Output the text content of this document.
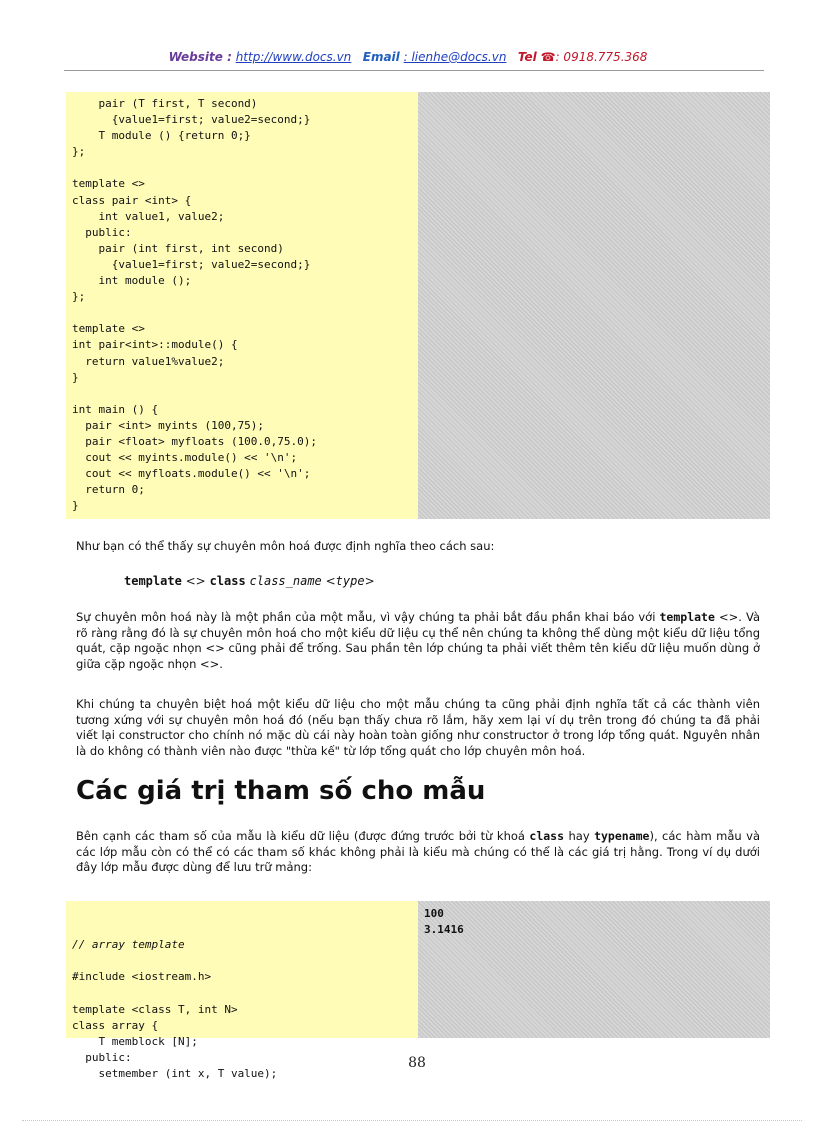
Website : http://www.docs.vn Email : lienhe@docs.vn Tel ☎: 0918.775.368
pair (T first, T second)
{value1=first; value2=second;}
T module () {return 0;}
};
template <>
class pair <int> {
int value1, value2;
public:
pair (int first, int second)
{value1=first; value2=second;}
int module ();
};
template <>
int pair<int>::module() {
return value1%value2;
}
int main () {
pair <int> myints (100,75);
pair <float> myfloats (100.0,75.0);
cout << myints.module() << '\n';
cout << myfloats.module() << '\n';
return 0;
}
Như bạn có thể thấy sự chuyên môn hoá được định nghĩa theo cách sau:
template <> class class_name <type>
Sự chuyên môn hoá này là một phần của một mẫu, vì vậy chúng ta phải bắt đầu phần khai báo với template <>. Và rõ ràng rằng đó là sự chuyên môn hoá cho một kiểu dữ liệu cụ thể nên chúng ta không thể dùng một kiểu dữ liệu tổng quát, cặp ngoặc nhọn <> cũng phải để trống. Sau phần tên lớp chúng ta phải viết thêm tên kiểu dữ liệu muốn dùng ở giữa cặp ngoặc nhọn <>.
Khi chúng ta chuyên biệt hoá một kiểu dữ liệu cho một mẫu chúng ta cũng phải định nghĩa tất cả các thành viên tương xứng với sự chuyên môn hoá đó (nếu bạn thấy chưa rõ lắm, hãy xem lại ví dụ trên trong đó chúng ta đã phải viết lại constructor cho chính nó mặc dù cái này hoàn toàn giống như constructor ở trong lớp tổng quát. Nguyên nhân là do không có thành viên nào được "thừa kế" từ lớp tổng quát cho lớp chuyên môn hoá.
Các giá trị tham số cho mẫu
Bên cạnh các tham số của mẫu là kiểu dữ liệu (được đứng trước bởi từ khoá class hay typename), các hàm mẫu và các lớp mẫu còn có thể có các tham số khác không phải là kiểu mà chúng có thể là các giá trị hằng. Trong ví dụ dưới đây lớp mẫu được dùng để lưu trữ mảng:

// array template

#include <iostream.h>
template <class T, int N>
class array {
T memblock [N];
public:
setmember (int x, T value);
100
3.1416
88
